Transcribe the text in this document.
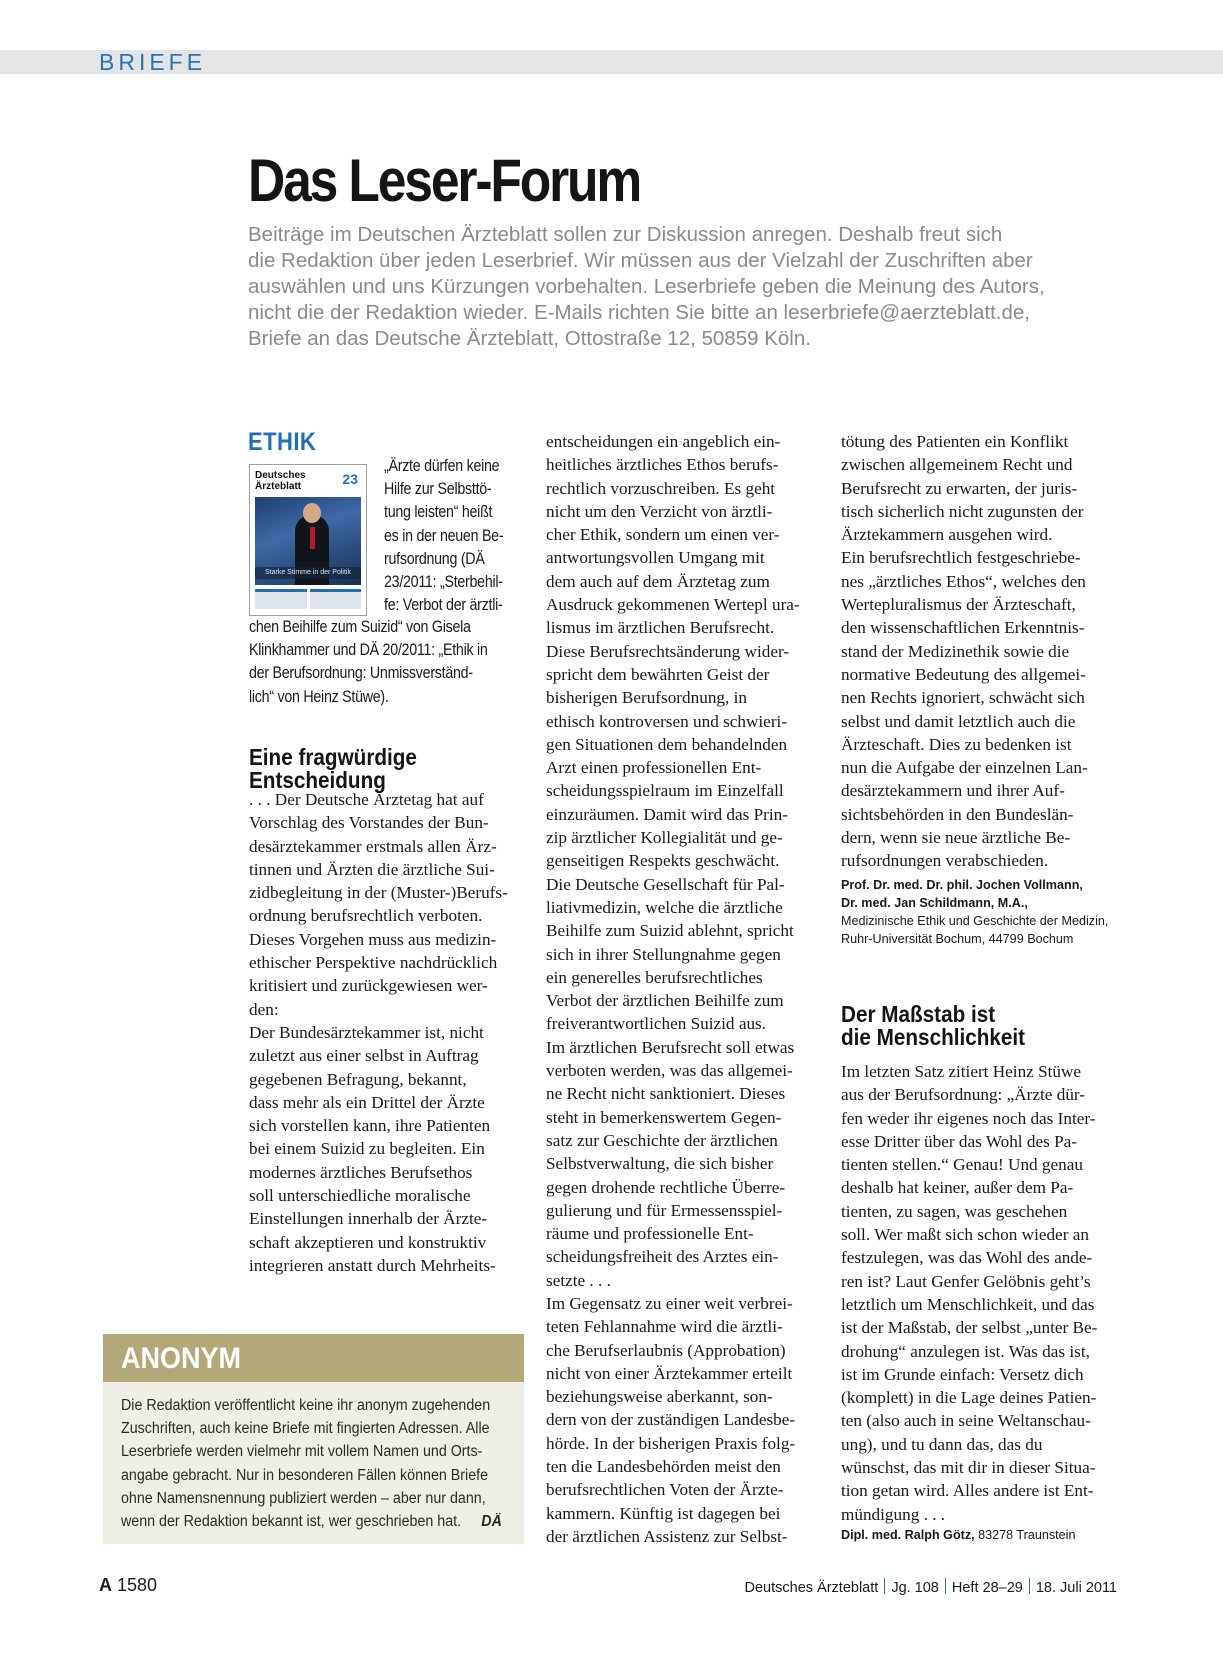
BRIEFE
Das Leser-Forum
Beiträge im Deutschen Ärzteblatt sollen zur Diskussion anregen. Deshalb freut sich
die Redaktion über jeden Leserbrief. Wir müssen aus der Vielzahl der Zuschriften aber
auswählen und uns Kürzungen vorbehalten. Leserbriefe geben die Meinung des Autors,
nicht die der Redaktion wieder. E-Mails richten Sie bitte an leserbriefe@aerzteblatt.de,
Briefe an das Deutsche Ärzteblatt, Ottostraße 12, 50859 Köln.
ETHIK
Deutsches
Ärzteblatt	23
Starke Stimme in der Politik
„Ärzte dürfen keine
Hilfe zur Selbsttö-
tung leisten“ heißt
es in der neuen Be-
rufsordnung (DÄ
23/2011: „Sterbehil-
fe: Verbot der ärztli-
chen Beihilfe zum Suizid“ von Gisela
Klinkhammer und DÄ 20/2011: „Ethik in
der Berufsordnung: Unmissverständ-
lich“ von Heinz Stüwe).
Eine fragwürdige
Entscheidung
. . . Der Deutsche Ärztetag hat auf
Vorschlag des Vorstandes der Bun-
desärztekammer erstmals allen Ärz-
tinnen und Ärzten die ärztliche Sui-
zidbegleitung in der (Muster-)Berufs-
ordnung berufsrechtlich verboten.
Dieses Vorgehen muss aus medizin-
ethischer Perspektive nachdrücklich
kritisiert und zurückgewiesen wer-
den:
Der Bundesärztekammer ist, nicht
zuletzt aus einer selbst in Auftrag
gegebenen Befragung, bekannt,
dass mehr als ein Drittel der Ärzte
sich vorstellen kann, ihre Patienten
bei einem Suizid zu begleiten. Ein
modernes ärztliches Berufsethos
soll unterschiedliche moralische
Einstellungen innerhalb der Ärzte-
schaft akzeptieren und konstruktiv
integrieren anstatt durch Mehrheits-
entscheidungen ein angeblich ein-
heitliches ärztliches Ethos berufs-
rechtlich vorzuschreiben. Es geht
nicht um den Verzicht von ärztli-
cher Ethik, sondern um einen ver-
antwortungsvollen Umgang mit
dem auch auf dem Ärztetag zum
Ausdruck gekommenen Wertepl ura-
lismus im ärztlichen Berufsrecht.
Diese Berufsrechtsänderung wider-
spricht dem bewährten Geist der
bisherigen Berufsordnung, in
ethisch kontroversen und schwieri-
gen Situationen dem behandelnden
Arzt einen professionellen Ent-
scheidungsspielraum im Einzelfall
einzuräumen. Damit wird das Prin-
zip ärztlicher Kollegialität und ge-
genseitigen Respekts geschwächt.
Die Deutsche Gesellschaft für Pal-
liativmedizin, welche die ärztliche
Beihilfe zum Suizid ablehnt, spricht
sich in ihrer Stellungnahme gegen
ein generelles berufsrechtliches
Verbot der ärztlichen Beihilfe zum
freiverantwortlichen Suizid aus.
Im ärztlichen Berufsrecht soll etwas
verboten werden, was das allgemei-
ne Recht nicht sanktioniert. Dieses
steht in bemerkenswertem Gegen-
satz zur Geschichte der ärztlichen
Selbstverwaltung, die sich bisher
gegen drohende rechtliche Überre-
gulierung und für Ermessensspiel-
räume und professionelle Ent-
scheidungsfreiheit des Arztes ein-
setzte . . .
Im Gegensatz zu einer weit verbrei-
teten Fehlannahme wird die ärztli-
che Berufserlaubnis (Approbation)
nicht von einer Ärztekammer erteilt
beziehungsweise aberkannt, son-
dern von der zuständigen Landesbe-
hörde. In der bisherigen Praxis folg-
ten die Landesbehörden meist den
berufsrechtlichen Voten der Ärzte-
kammern. Künftig ist dagegen bei
der ärztlichen Assistenz zur Selbst-
tötung des Patienten ein Konflikt
zwischen allgemeinem Recht und
Berufsrecht zu erwarten, der juris-
tisch sicherlich nicht zugunsten der
Ärztekammern ausgehen wird.
Ein berufsrechtlich festgeschriebe-
nes „ärztliches Ethos“, welches den
Wertepluralismus der Ärzteschaft,
den wissenschaftlichen Erkenntnis-
stand der Medizinethik sowie die
normative Bedeutung des allgemei-
nen Rechts ignoriert, schwächt sich
selbst und damit letztlich auch die
Ärzteschaft. Dies zu bedenken ist
nun die Aufgabe der einzelnen Lan-
desärztekammern und ihrer Auf-
sichtsbehörden in den Bundeslän-
dern, wenn sie neue ärztliche Be-
rufsordnungen verabschieden.
Prof. Dr. med. Dr. phil. Jochen Vollmann,
Dr. med. Jan Schildmann, M.A.,
Medizinische Ethik und Geschichte der Medizin,
Ruhr-Universität Bochum, 44799 Bochum
Der Maßstab ist
die Menschlichkeit
Im letzten Satz zitiert Heinz Stüwe
aus der Berufsordnung: „Ärzte dür-
fen weder ihr eigenes noch das Inter-
esse Dritter über das Wohl des Pa-
tienten stellen.“ Genau! Und genau
deshalb hat keiner, außer dem Pa-
tienten, zu sagen, was geschehen
soll. Wer maßt sich schon wieder an
festzulegen, was das Wohl des ande-
ren ist? Laut Genfer Gelöbnis geht’s
letztlich um Menschlichkeit, und das
ist der Maßstab, der selbst „unter Be-
drohung“ anzulegen ist. Was das ist,
ist im Grunde einfach: Versetz dich
(komplett) in die Lage deines Patien-
ten (also auch in seine Weltanschau-
ung), und tu dann das, das du
wünschst, das mit dir in dieser Situa-
tion getan wird. Alles andere ist Ent-
mündigung . . .
Dipl. med. Ralph Götz, 83278 Traunstein
ANONYM
Die Redaktion veröffentlicht keine ihr anonym zugehenden
Zuschriften, auch keine Briefe mit fingierten Adressen. Alle
Leserbriefe werden vielmehr mit vollem Namen und Orts-
angabe gebracht. Nur in besonderen Fällen können Briefe
ohne Namensnennung publiziert werden – aber nur dann,
wenn der Redaktion bekannt ist, wer geschrieben hat. DÄ
A 1580	Deutsches Ärzteblatt Jg. 108 Heft 28–29 18. Juli 2011
